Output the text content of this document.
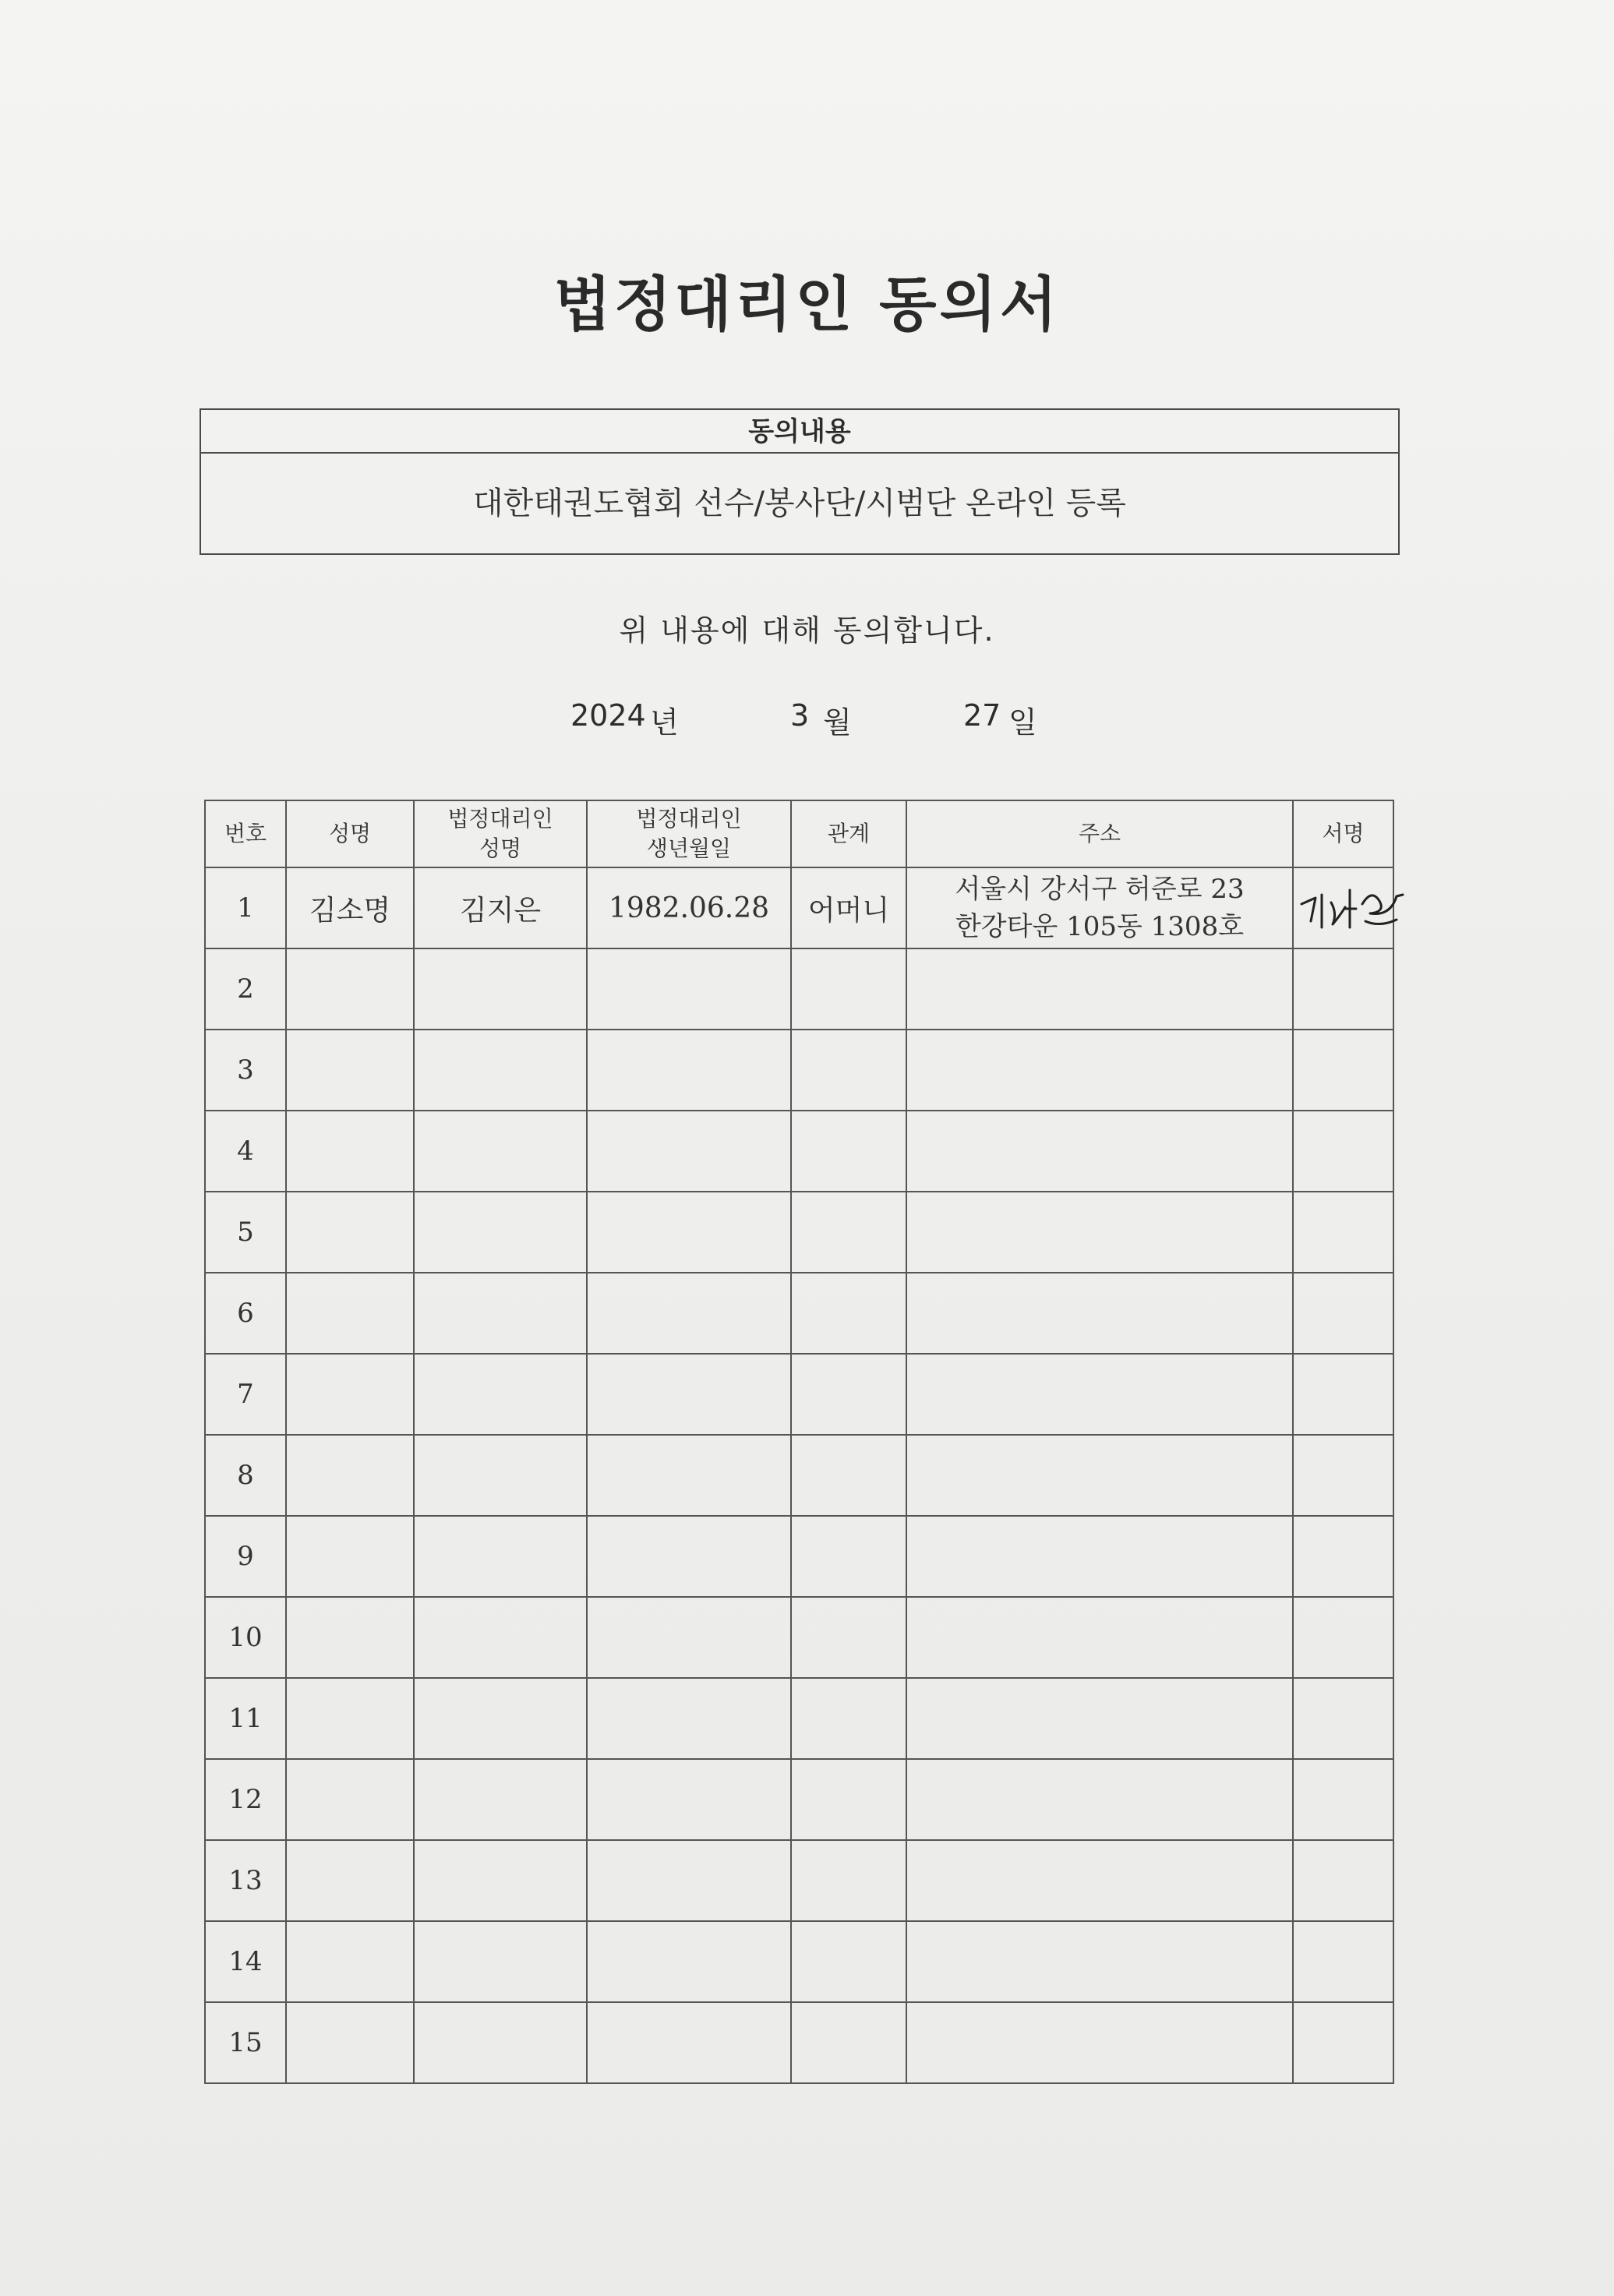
법정대리인 동의서
동의내용
대한태권도협회 선수/봉사단/시범단 온라인 등록
위 내용에 대해 동의합니다.
2024 년	3 월	27 일
번호	성명	법정대리인 성명	법정대리인 생년월일	관계	주소	서명
1	김소명	김지은	1982.06.28	어머니	서울시 강서구 허준로 23
한강타운 105동 1308호

2						
3						
4						
5						
6						
7						
8						
9						
10						
11						
12						
13						
14						
15						
